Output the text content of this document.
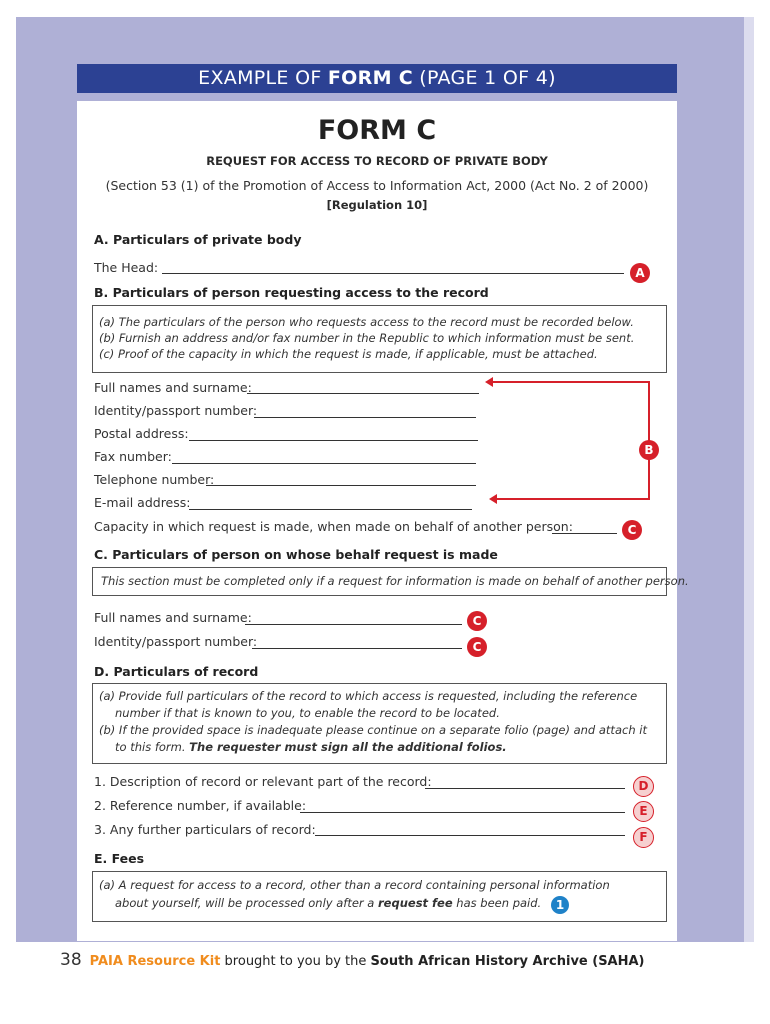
EXAMPLE OF FORM C (PAGE 1 OF 4)
FORM C
REQUEST FOR ACCESS TO RECORD OF PRIVATE BODY
(Section 53 (1) of the Promotion of Access to Information Act, 2000 (Act No. 2 of 2000)
[Regulation 10]
A. Particulars of private body
The Head:	A
B. Particulars of person requesting access to the record
(a) The particulars of the person who requests access to the record must be recorded below.
(b) Furnish an address and/or fax number in the Republic to which information must be sent.
(c) Proof of the capacity in which the request is made, if applicable, must be attached.
Full names and surname:
Identity/passport number:
Postal address:
Fax number:
Telephone number:
E-mail address:
B
Capacity in which request is made, when made on behalf of another person:	C
C. Particulars of person on whose behalf request is made
This section must be completed only if a request for information is made on behalf of another person.
Full names and surname:	C
Identity/passport number:	C
D. Particulars of record
(a) Provide full particulars of the record to which access is requested, including the reference
number if that is known to you, to enable the record to be located.
(b) If the provided space is inadequate please continue on a separate folio (page) and attach it
to this form. The requester must sign all the additional folios.
1. Description of record or relevant part of the record:	D
2. Reference number, if available:	E
3. Any further particulars of record:	F
E. Fees
(a) A request for access to a record, other than a record containing personal information
about yourself, will be processed only after a request fee has been paid.	1
38 PAIA Resource Kit brought to you by the South African History Archive (SAHA)
